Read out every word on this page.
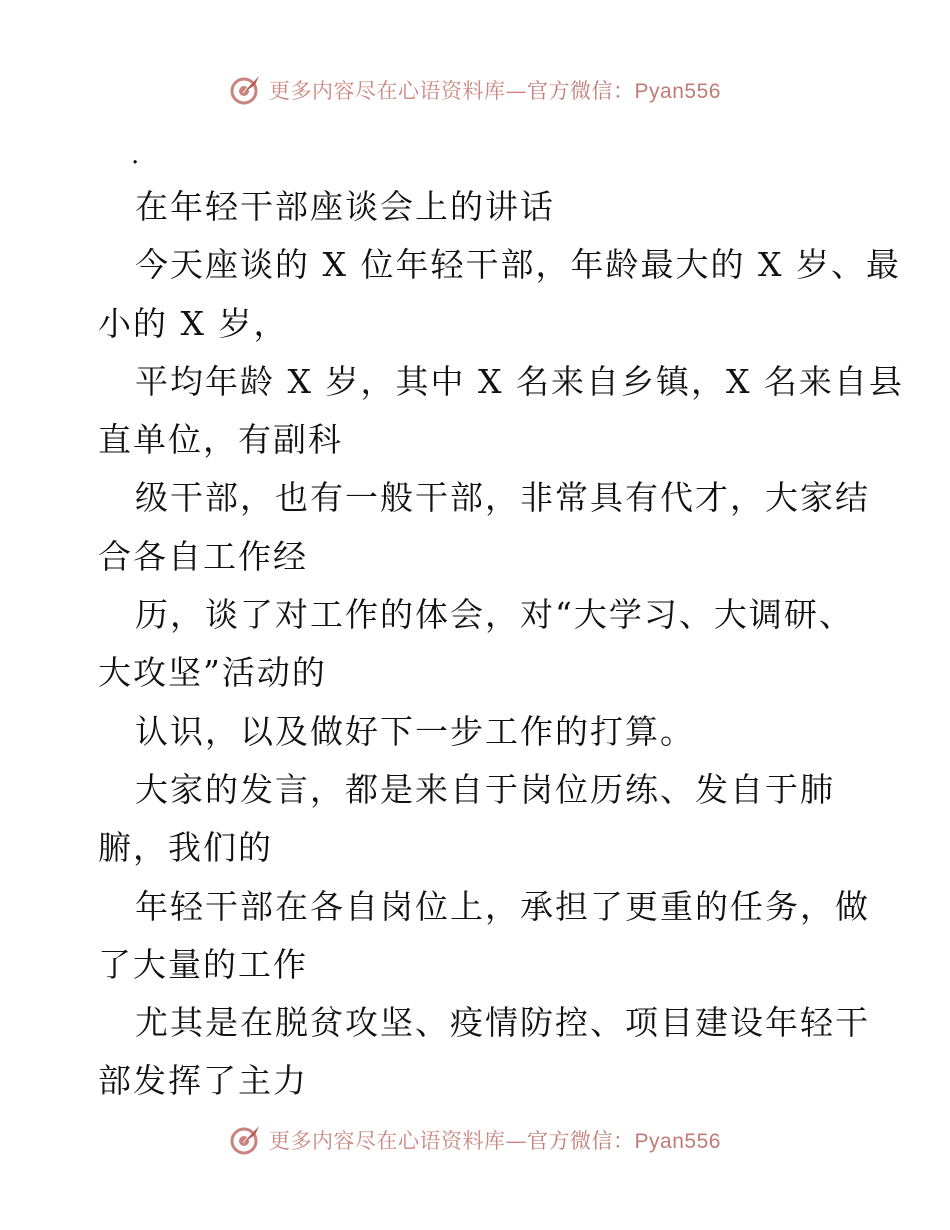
更多内容尽在心语资料库—官方微信：Pyan556
.
在年轻干部座谈会上的讲话
今天座谈的 X 位年轻干部，年龄最大的 X 岁、最
小的 X 岁，
平均年龄 X 岁，其中 X 名来自乡镇，X 名来自县
直单位，有副科
级干部，也有一般干部，非常具有代才，大家结
合各自工作经
历，谈了对工作的体会，对“大学习、大调研、
大攻坚”活动的
认识，以及做好下一步工作的打算。
大家的发言，都是来自于岗位历练、发自于肺
腑，我们的
年轻干部在各自岗位上，承担了更重的任务，做
了大量的工作
尤其是在脱贫攻坚、疫情防控、项目建设年轻干
部发挥了主力
更多内容尽在心语资料库—官方微信：Pyan556
